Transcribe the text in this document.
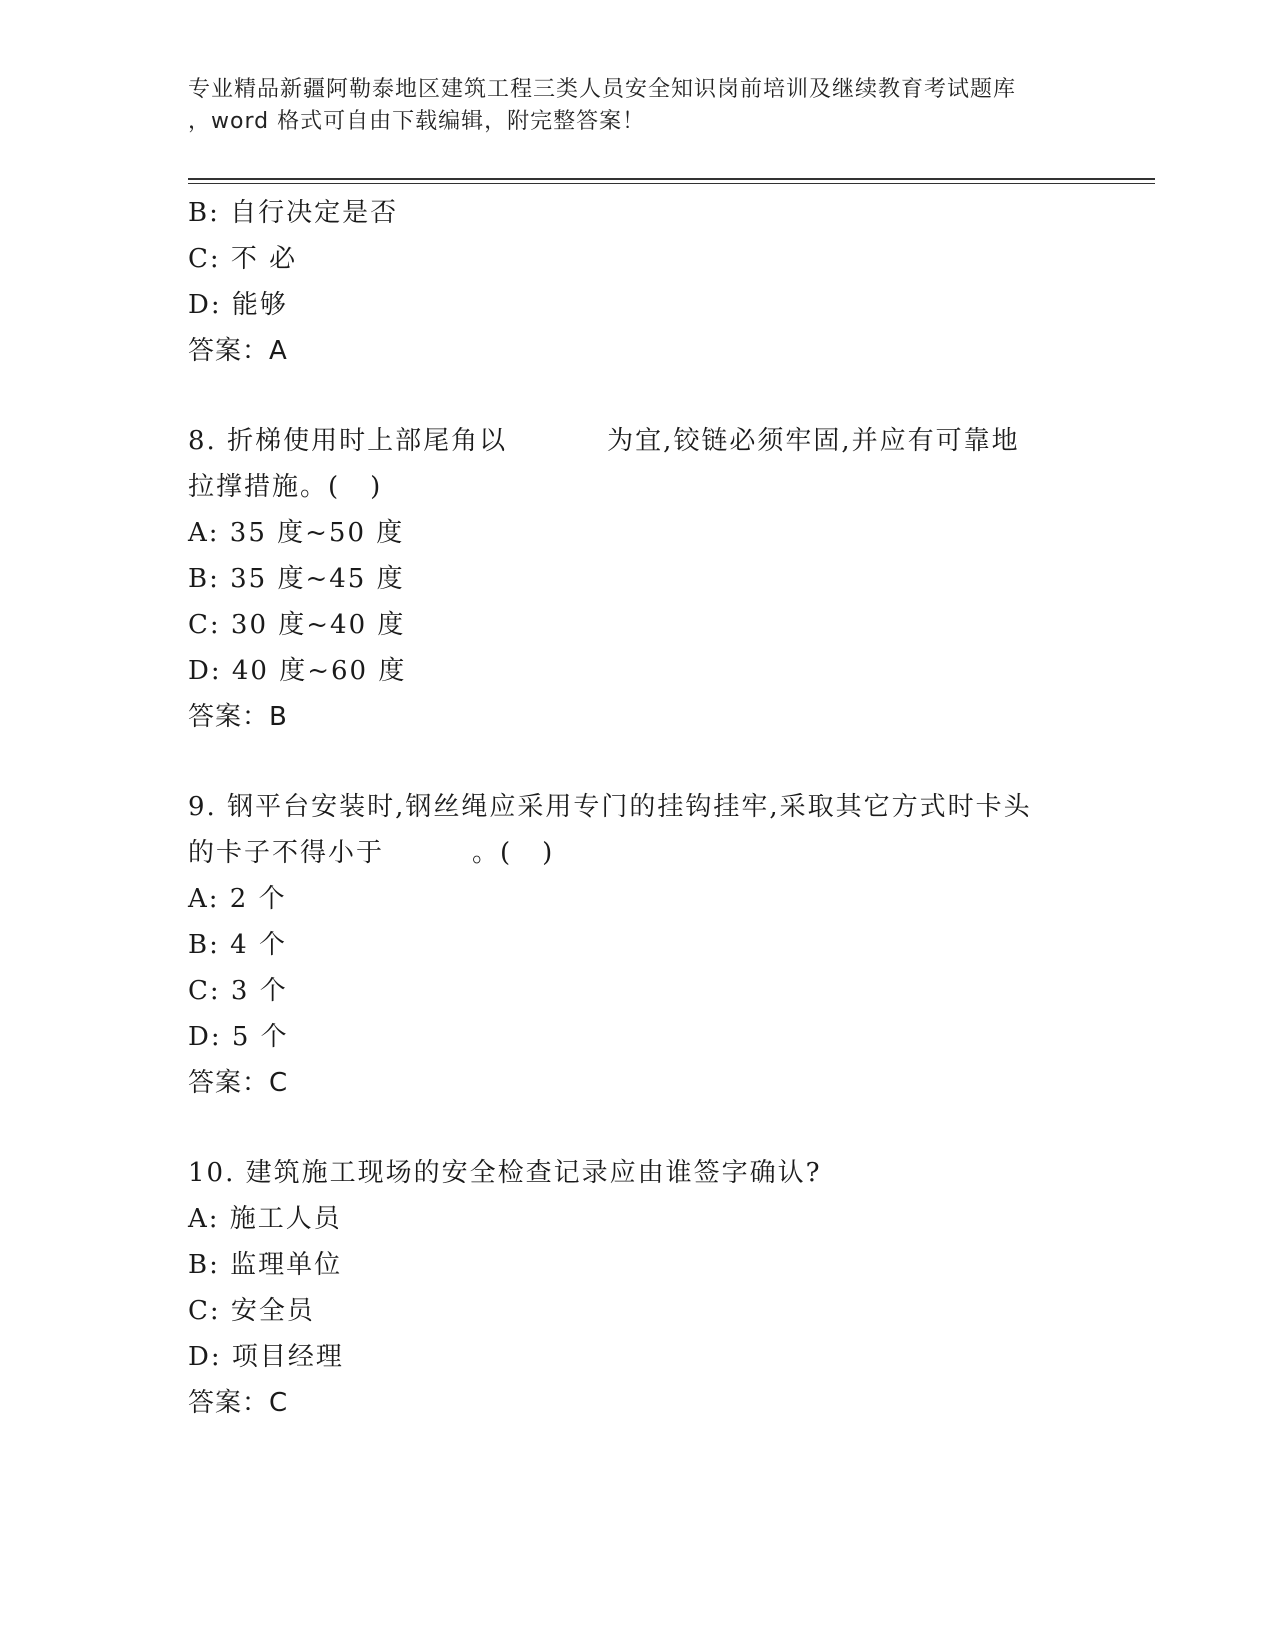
专业精品新疆阿勒泰地区建筑工程三类人员安全知识岗前培训及继续教育考试题库
，word 格式可自由下载编辑，附完整答案！
B: 自行决定是否
C: 不 必
D: 能够
答案：A
8. 折梯使用时上部尾角以	为宜,铰链必须牢固,并应有可靠地
拉撑措施。( )
A: 35 度~50 度
B: 35 度~45 度
C: 30 度~40 度
D: 40 度~60 度
答案：B
9. 钢平台安装时,钢丝绳应采用专门的挂钩挂牢,采取其它方式时卡头
的卡子不得小于	。( )
A: 2 个
B: 4 个
C: 3 个
D: 5 个
答案：C
10. 建筑施工现场的安全检查记录应由谁签字确认?
A: 施工人员
B: 监理单位
C: 安全员
D: 项目经理
答案：C
